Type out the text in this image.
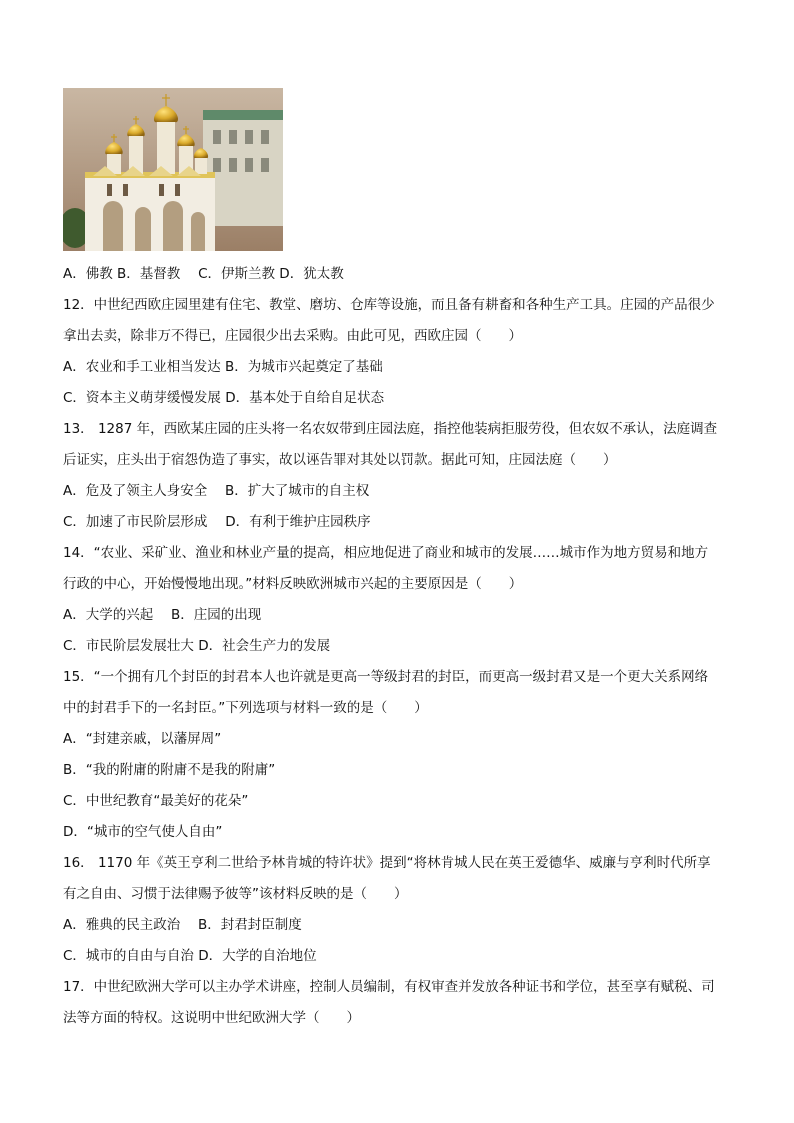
A．佛教 B．基督教　 C．伊斯兰教 D．犹太教
12．中世纪西欧庄园里建有住宅、教堂、磨坊、仓库等设施，而且备有耕畜和各种生产工具。庄园的产品很少
拿出去卖，除非万不得已，庄园很少出去采购。由此可见，西欧庄园（　　）
A．农业和手工业相当发达 B．为城市兴起奠定了基础
C．资本主义萌芽缓慢发展 D．基本处于自给自足状态
13． 1287 年，西欧某庄园的庄头将一名农奴带到庄园法庭，指控他装病拒服劳役，但农奴不承认，法庭调查
后证实，庄头出于宿怨伪造了事实，故以诬告罪对其处以罚款。据此可知，庄园法庭（　　）
A．危及了领主人身安全　 B．扩大了城市的自主权
C．加速了市民阶层形成　 D．有利于维护庄园秩序
14．“农业、采矿业、渔业和林业产量的提高，相应地促进了商业和城市的发展……城市作为地方贸易和地方
行政的中心，开始慢慢地出现。”材料反映欧洲城市兴起的主要原因是（　　）
A．大学的兴起　 B．庄园的出现
C．市民阶层发展壮大 D．社会生产力的发展
15．“一个拥有几个封臣的封君本人也许就是更高一等级封君的封臣，而更高一级封君又是一个更大关系网络
中的封君手下的一名封臣。”下列选项与材料一致的是（　　）
A．“封建亲戚，以藩屏周”
B．“我的附庸的附庸不是我的附庸”
C．中世纪教育“最美好的花朵”
D．“城市的空气使人自由”
16． 1170 年《英王亨利二世给予林肯城的特许状》提到“将林肯城人民在英王爱德华、威廉与亨利时代所享
有之自由、习惯于法律赐予彼等”该材料反映的是（　　）
A．雅典的民主政治　 B．封君封臣制度
C．城市的自由与自治 D．大学的自治地位
17．中世纪欧洲大学可以主办学术讲座，控制人员编制，有权审查并发放各种证书和学位，甚至享有赋税、司
法等方面的特权。这说明中世纪欧洲大学（　　）
